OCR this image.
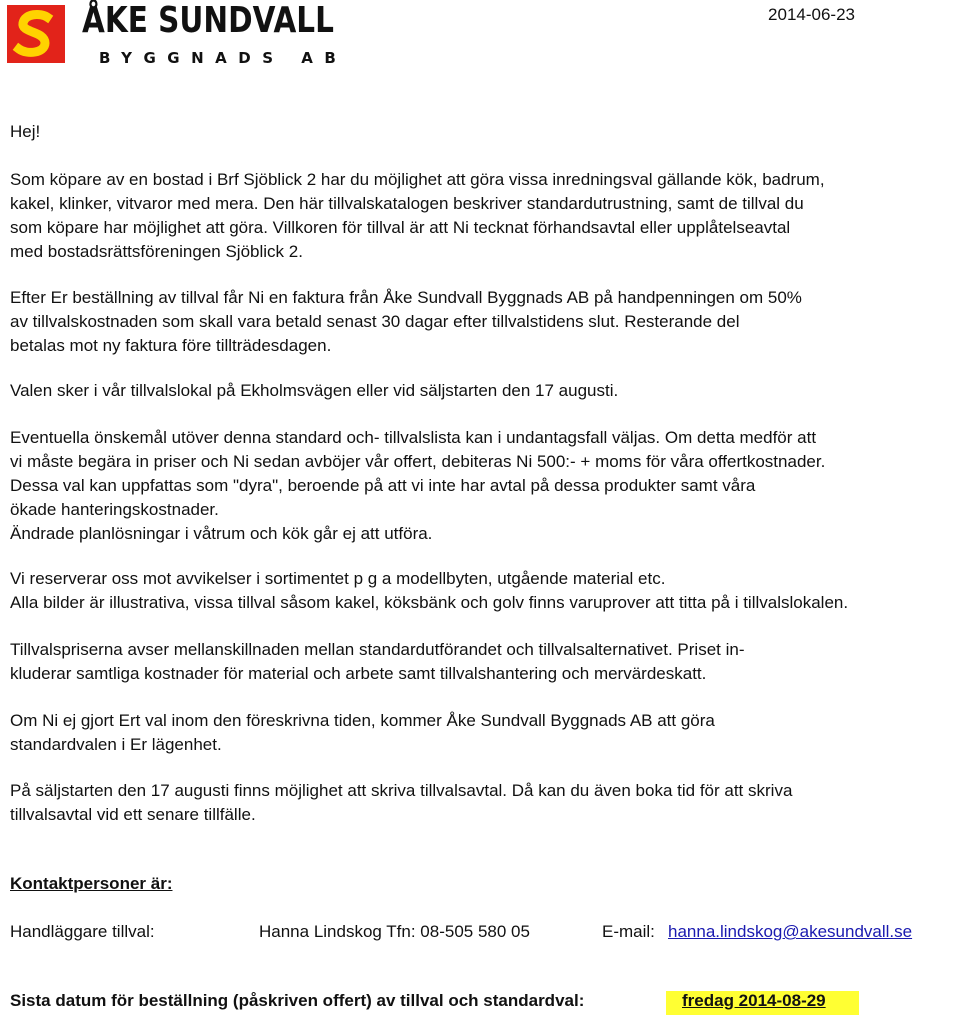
ÅKE SUNDVALL
BYGGNADS AB
2014-06-23

Hej!

Som köpare av en bostad i Brf Sjöblick 2 har du möjlighet att göra vissa inredningsval gällande kök, badrum,
kakel, klinker, vitvaror med mera. Den här tillvalskatalogen beskriver standardutrustning, samt de tillval du
som köpare har möjlighet att göra. Villkoren för tillval är att Ni tecknat förhandsavtal eller upplåtelseavtal
med bostadsrättsföreningen Sjöblick 2.

Efter Er beställning av tillval får Ni en faktura från Åke Sundvall Byggnads AB på handpenningen om 50%
av tillvalskostnaden som skall vara betald senast 30 dagar efter tillvalstidens slut. Resterande del
betalas mot ny faktura före tillträdesdagen.

Valen sker i vår tillvalslokal på Ekholmsvägen eller vid säljstarten den 17 augusti.

Eventuella önskemål utöver denna standard och- tillvalslista kan i undantagsfall väljas. Om detta medför att
vi måste begära in priser och Ni sedan avböjer vår offert, debiteras Ni 500:- + moms för våra offertkostnader.
Dessa val kan uppfattas som "dyra", beroende på att vi inte har avtal på dessa produkter samt våra
ökade hanteringskostnader.
Ändrade planlösningar i våtrum och kök går ej att utföra.

Vi reserverar oss mot avvikelser i sortimentet p g a modellbyten, utgående material etc.
Alla bilder är illustrativa, vissa tillval såsom kakel, köksbänk och golv finns varuprover att titta på i tillvalslokalen.

Tillvalspriserna avser mellanskillnaden mellan standardutförandet och tillvalsalternativet. Priset in-
kluderar samtliga kostnader för material och arbete samt tillvalshantering och mervärdeskatt.

Om Ni ej gjort Ert val inom den föreskrivna tiden, kommer Åke Sundvall Byggnads AB att göra
standardvalen i Er lägenhet.

På säljstarten den 17 augusti finns möjlighet att skriva tillvalsavtal. Då kan du även boka tid för att skriva
tillvalsavtal vid ett senare tillfälle.

Kontaktpersoner är:
Handläggare tillval:	Hanna Lindskog Tfn: 08-505 580 05	E-mail: hanna.lindskog@akesundvall.se
Sista datum för beställning (påskriven offert) av tillval och standardval:	fredag 2014-08-29
